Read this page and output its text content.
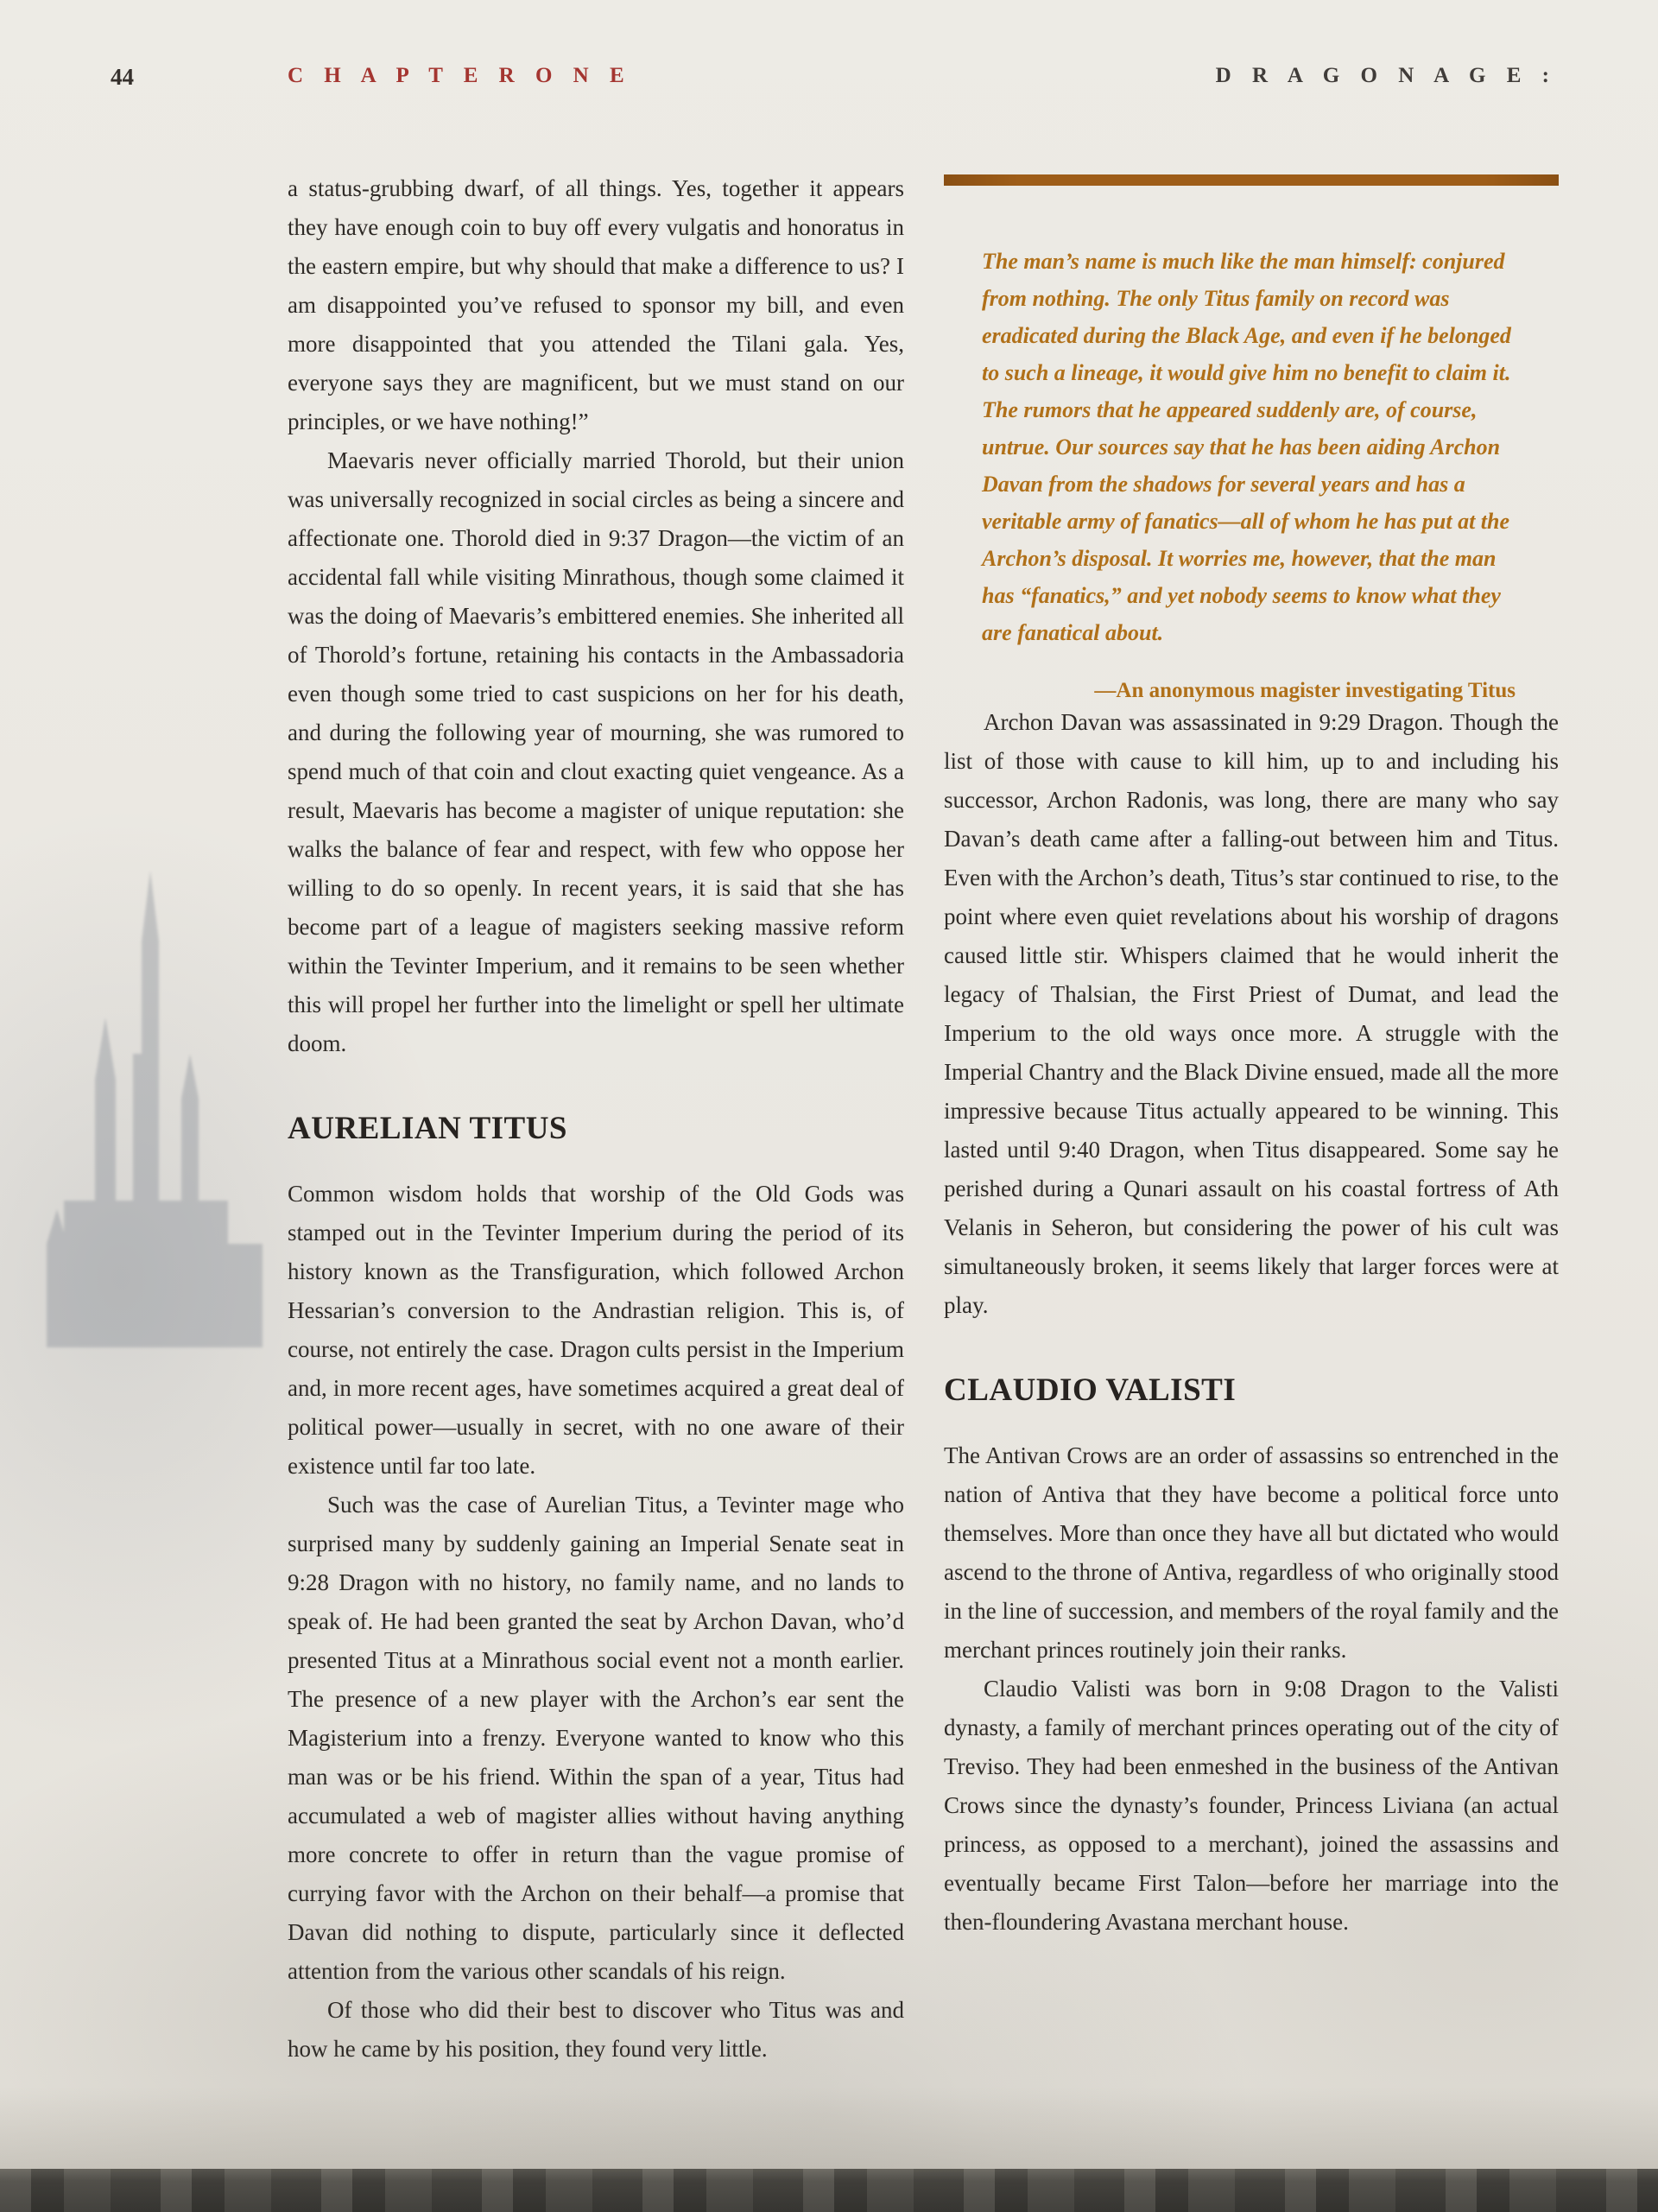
44	C H A P T E R O N E	D R A G O N A G E :

a status-grubbing dwarf, of all things. Yes, together it appears they have enough coin to buy off every vulgatis and honoratus in the eastern empire, but why should that make a difference to us? I am disappointed you’ve refused to sponsor my bill, and even more disappointed that you attended the Tilani gala. Yes, everyone says they are magnificent, but we must stand on our principles, or we have nothing!”

Maevaris never officially married Thorold, but their union was universally recognized in social circles as being a sincere and affectionate one. Thorold died in 9:37 Dragon—the victim of an accidental fall while visiting Minrathous, though some claimed it was the doing of Maevaris’s embittered enemies. She inherited all of Thorold’s fortune, retaining his contacts in the Ambassadoria even though some tried to cast suspicions on her for his death, and during the following year of mourning, she was rumored to spend much of that coin and clout exacting quiet vengeance. As a result, Maevaris has become a magister of unique reputation: she walks the balance of fear and respect, with few who oppose her willing to do so openly. In recent years, it is said that she has become part of a league of magisters seeking massive reform within the Tevinter Imperium, and it remains to be seen whether this will propel her further into the limelight or spell her ultimate doom.

AURELIAN TITUS

Common wisdom holds that worship of the Old Gods was stamped out in the Tevinter Imperium during the period of its history known as the Transfiguration, which followed Archon Hessarian’s conversion to the Andrastian religion. This is, of course, not entirely the case. Dragon cults persist in the Imperium and, in more recent ages, have sometimes acquired a great deal of political power—usually in secret, with no one aware of their existence until far too late.

Such was the case of Aurelian Titus, a Tevinter mage who surprised many by suddenly gaining an Imperial Senate seat in 9:28 Dragon with no history, no family name, and no lands to speak of. He had been granted the seat by Archon Davan, who’d presented Titus at a Minrathous social event not a month earlier. The presence of a new player with the Archon’s ear sent the Magisterium into a frenzy. Everyone wanted to know who this man was or be his friend. Within the span of a year, Titus had accumulated a web of magister allies without having anything more concrete to offer in return than the vague promise of currying favor with the Archon on their behalf—a promise that Davan did nothing to dispute, particularly since it deflected attention from the various other scandals of his reign.

Of those who did their best to discover who Titus was and how he came by his position, they found very little.

The man’s name is much like the man himself: conjured from nothing. The only Titus family on record was eradicated during the Black Age, and even if he belonged to such a lineage, it would give him no benefit to claim it. The rumors that he appeared suddenly are, of course, untrue. Our sources say that he has been aiding Archon Davan from the shadows for several years and has a veritable army of fanatics—all of whom he has put at the Archon’s disposal. It worries me, however, that the man has “fanatics,” and yet nobody seems to know what they are fanatical about.

—An anonymous magister investigating Titus

Archon Davan was assassinated in 9:29 Dragon. Though the list of those with cause to kill him, up to and including his successor, Archon Radonis, was long, there are many who say Davan’s death came after a falling-out between him and Titus. Even with the Archon’s death, Titus’s star continued to rise, to the point where even quiet revelations about his worship of dragons caused little stir. Whispers claimed that he would inherit the legacy of Thalsian, the First Priest of Dumat, and lead the Imperium to the old ways once more. A struggle with the Imperial Chantry and the Black Divine ensued, made all the more impressive because Titus actually appeared to be winning. This lasted until 9:40 Dragon, when Titus disappeared. Some say he perished during a Qunari assault on his coastal fortress of Ath Velanis in Seheron, but considering the power of his cult was simultaneously broken, it seems likely that larger forces were at play.

CLAUDIO VALISTI

The Antivan Crows are an order of assassins so entrenched in the nation of Antiva that they have become a political force unto themselves. More than once they have all but dictated who would ascend to the throne of Antiva, regardless of who originally stood in the line of succession, and members of the royal family and the merchant princes routinely join their ranks.

Claudio Valisti was born in 9:08 Dragon to the Valisti dynasty, a family of merchant princes operating out of the city of Treviso. They had been enmeshed in the business of the Antivan Crows since the dynasty’s founder, Princess Liviana (an actual princess, as opposed to a merchant), joined the assassins and eventually became First Talon—before her marriage into the then-floundering Avastana merchant house.
